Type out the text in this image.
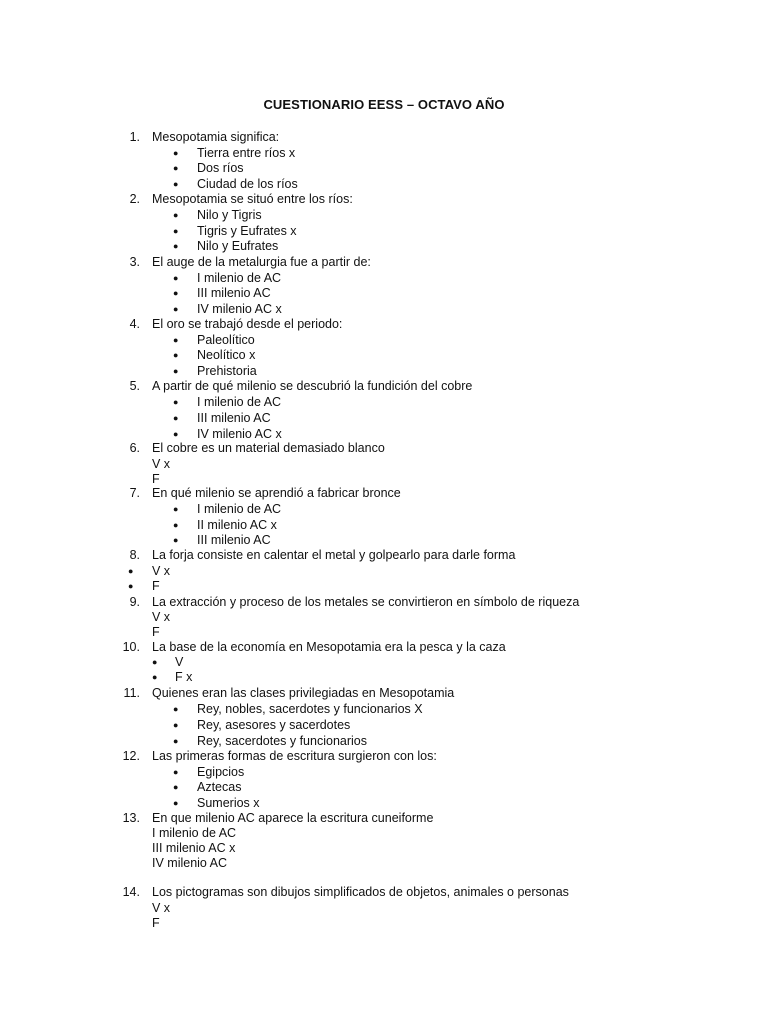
CUESTIONARIO EESS – OCTAVO AÑO
1. Mesopotamia significa:
● Tierra entre ríos x
● Dos ríos
● Ciudad de los ríos
2. Mesopotamia se situó entre los ríos:
● Nilo y Tigris
● Tigris y Eufrates x
● Nilo y Eufrates
3. El auge de la metalurgia fue a partir de:
● I milenio de AC
● III milenio AC
● IV milenio AC x
4. El oro se trabajó desde el periodo:
● Paleolítico
● Neolítico x
● Prehistoria
5. A partir de qué milenio se descubrió la fundición del cobre
● I milenio de AC
● III milenio AC
● IV milenio AC x
6. El cobre es un material demasiado blanco
V x
F
7. En qué milenio se aprendió a fabricar bronce
● I milenio de AC
● II milenio AC x
● III milenio AC
8. La forja consiste en calentar el metal y golpearlo para darle forma
● V x
● F
9. La extracción y proceso de los metales se convirtieron en símbolo de riqueza
V x
F
10. La base de la economía en Mesopotamia era la pesca y la caza
● V
● F x
11. Quienes eran las clases privilegiadas en Mesopotamia
● Rey, nobles, sacerdotes y funcionarios X
● Rey, asesores y sacerdotes
● Rey, sacerdotes y funcionarios
12. Las primeras formas de escritura surgieron con los:
● Egipcios
● Aztecas
● Sumerios x
13. En que milenio AC aparece la escritura cuneiforme
I milenio de AC
III milenio AC x
IV milenio AC
14. Los pictogramas son dibujos simplificados de objetos, animales o personas
V x
F
